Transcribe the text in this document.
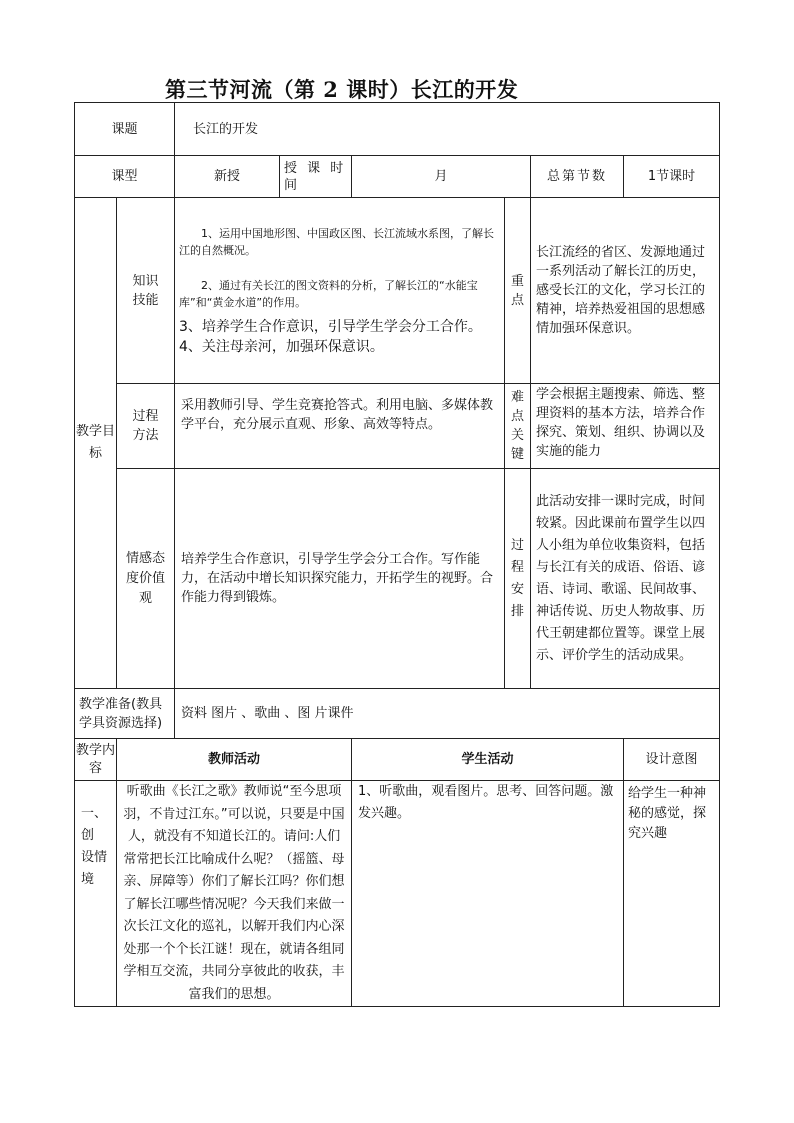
第三节河流（第 2 课时）长江的开发
课题		长江的开发					
课型		新授	授 课 时 间	月		总第节数	1节课时
教学目标	知识技能	1、运用中国地形图、中国政区图、长江流域水系图，了解长江的自然概况。

2、通过有关长江的图文资料的分析，了解长江的“水能宝库”和“黄金水道”的作用。

3、培养学生合作意识，引导学生学会分工合作。

4、关注母亲河，加强环保意识。			重点	长江流经的省区、发源地通过一系列活动了解长江的历史，感受长江的文化，学习长江的精神，培养热爱祖国的思想感情加强环保意识。	
	过程方法	采用教师引导、学生竞赛抢答式。利用电脑、多媒体教学平台，充分展示直观、形象、高效等特点。			难点关键	学会根据主题搜索、筛选、整理资料的基本方法，培养合作探究、策划、组织、协调以及实施的能力	
	情感态度价值观	培养学生合作意识，引导学生学会分工合作。写作能力，在活动中增长知识探究能力，开拓学生的视野。合作能力得到锻炼。			过程安排	此活动安排一课时完成，时间较紧。因此课前布置学生以四人小组为单位收集资料，包括与长江有关的成语、俗语、谚语、诗词、歌谣、民间故事、神话传说、历史人物故事、历代王朝建都位置等。课堂上展示、评价学生的活动成果。	
教学准备(教具学具资源选择)		资料 图片 、歌曲 、图 片课件					
教学内容	教师活动			学生活动			设计意图
一、创 设情境	听歌曲《长江之歌》教师说“至今思项羽，不肯过江东。”可以说，只要是中国人，就没有不知道长江的。请问:人们常常把长江比喻成什么呢？（摇篮、母亲、屏障等）你们了解长江吗？你们想了解长江哪些情况呢？今天我们来做一次长江文化的巡礼，以解开我们内心深处那一个个长江谜！现在，就请各组同学相互交流，共同分享彼此的收获，丰富我们的思想。			1、听歌曲，观看图片。思考、回答问题。激发兴趣。			给学生一种神秘的感觉，探究兴趣
